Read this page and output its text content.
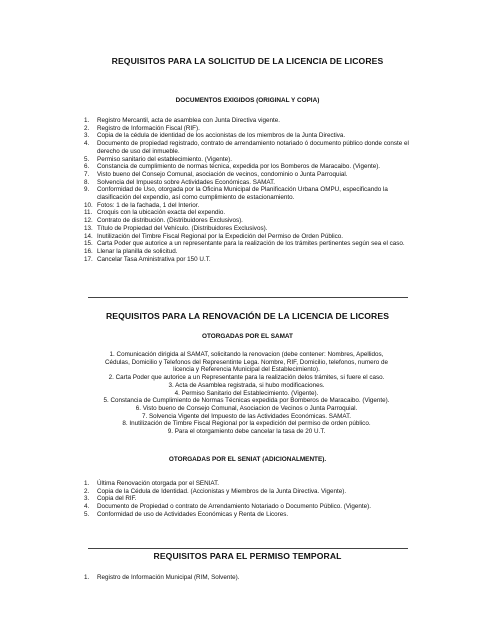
REQUISITOS PARA LA SOLICITUD DE LA LICENCIA DE LICORES
DOCUMENTOS EXIGIDOS (ORIGINAL Y COPIA)
1. Registro Mercantil, acta de asamblea con Junta Directiva vigente.
2. Registro de Información Fiscal (RIF).
3. Copia de la cédula de identidad de los accionistas de los miembros de la Junta Directiva.
4. Documento de propiedad registrado, contrato de arrendamiento notariado ó documento público donde conste el derecho de uso del inmueble.
5. Permiso sanitario del establecimiento. (Vigente).
6. Constancia de cumplimiento de normas técnica, expedida por los Bomberos de Maracaibo. (Vigente).
7. Visto bueno del Consejo Comunal, asociación de vecinos, condominio o Junta Parroquial.
8. Solvencia del Impuesto sobre Actividades Económicas. SAMAT.
9. Conformidad de Uso, otorgada por la Oficina Municipal de Planificación Urbana OMPU, especificando la clasificación del expendio, así como cumplimiento de estacionamiento.
10. Fotos: 1 de la fachada, 1 del Interior.
11. Croquis con la ubicación exacta del expendio.
12. Contrato de distribución. (Distribuidores Exclusivos).
13. Título de Propiedad del Vehículo. (Distribuidores Exclusivos).
14. Inutilización del Timbre Fiscal Regional por la Expedición del Permiso de Orden Público.
15. Carta Poder que autorice a un representante para la realización de los trámites pertinentes según sea el caso.
16. Llenar la planilla de solicitud.
17. Cancelar Tasa Aministrativa por 150 U.T.
REQUISITOS PARA LA RENOVACIÓN DE LA LICENCIA DE LICORES
OTORGADAS POR EL SAMAT
1. Comunicación dirigida al SAMAT, solicitando la renovacion (debe contener: Nombres, Apellidos,
Cédulas, Domicilio y Telefonos del Representinte Lega. Nombre, RIF, Domicilio, telefonos, numero de
licencia y Referencia Municipal del Establecimiento).
2. Carta Poder que autorice a un Representante para la realización delos trámites, si fuere el caso.
3. Acta de Asamblea registrada, si hubo modificaciones.
4. Permiso Sanitario del Establecimiento. (Vigente).
5. Constancia de Cumplimiento de Normas Técnicas expedida por Bomberos de Maracaibo. (Vigente).
6. Visto bueno de Consejo Comunal, Asociacion de Vecinos o Junta Parroquial.
7. Solvencia Vigente del Impuesto de las Actividades Económicas. SAMAT.
8. Inutilización de Timbre Fiscal Regional por la expedición del permiso de orden público.
9. Para el otorgamiento debe cancelar la tasa de 20 U.T.
OTORGADAS POR EL SENIAT (ADICIONALMENTE).
1. Última Renovación otorgada por el SENIAT.
2. Copia de la Cédula de Identidad. (Accionistas y Miembros de la Junta Directiva. Vigente).
3. Copia del RIF.
4. Documento de Propiedad o contrato de Arrendamiento Notariado o Documento Público. (Vigente).
5. Conformidad de uso de Actividades Económicas y Renta de Licores.
REQUISITOS PARA EL PERMISO TEMPORAL
1. Registro de Información Municipal (RIM, Solvente).
